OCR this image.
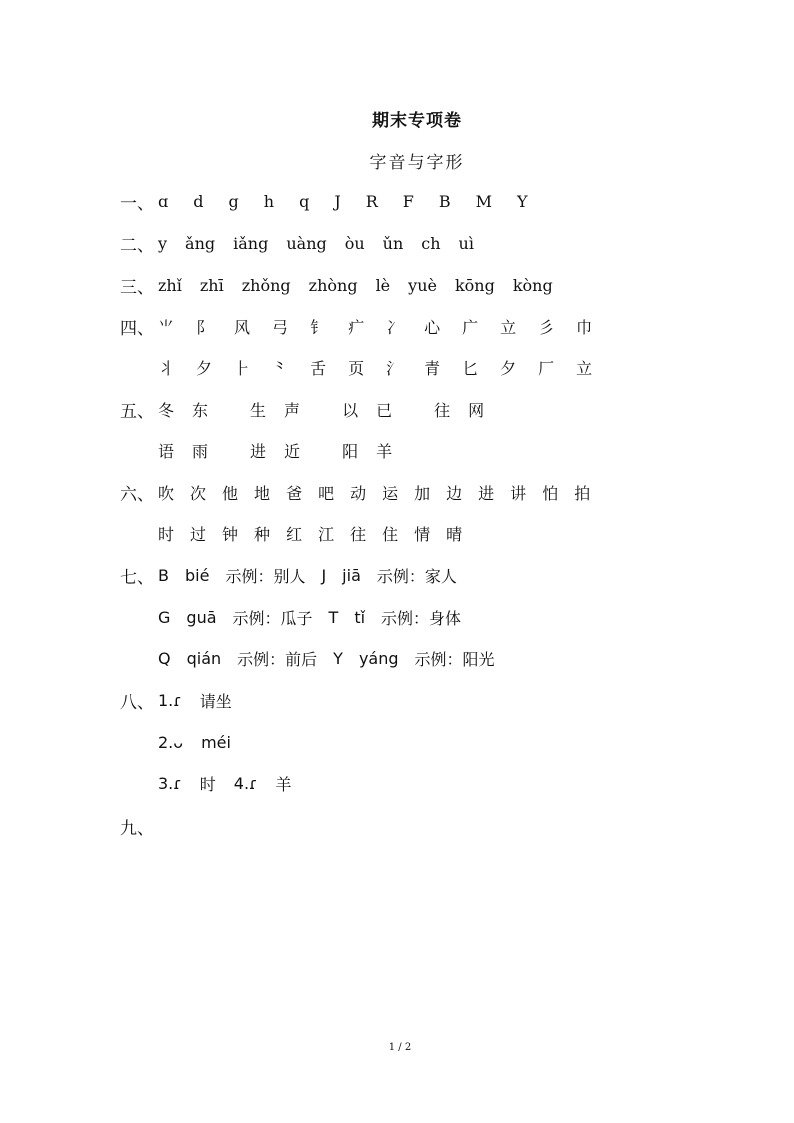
期末专项卷
字音与字形
一、 ɑ d g h q J R F B M Y
二、 y ǎng iǎng uàng òu ǔn ch uì
三、 zhǐ zhī zhǒng zhòng lè yuè kōng kòng
四、 ⺌ ⻖ 风 弓 钅 疒 冫 心 广 立 彡 巾
丬 夕 ⺊ ⺀ 舌 页 氵 青 匕 夕 厂 立
五、 冬 东	生 声	以 已	往 网
语 雨	进 近	阳 羊
六、 吹 次 他 地 爸 吧 动 运 加 边 进 讲 怕 拍
时 过 钟 种 红 江 往 住 情 晴
七、 B bié 示例：别人 J jiā 示例：家人
G guā 示例：瓜子 T tǐ 示例：身体
Q qián 示例：前后 Y yáng 示例：阳光
八、 1.ɾ 请坐
2.ᴗ méi
3.ɾ 时 4.ɾ 羊
九、
1 / 2
